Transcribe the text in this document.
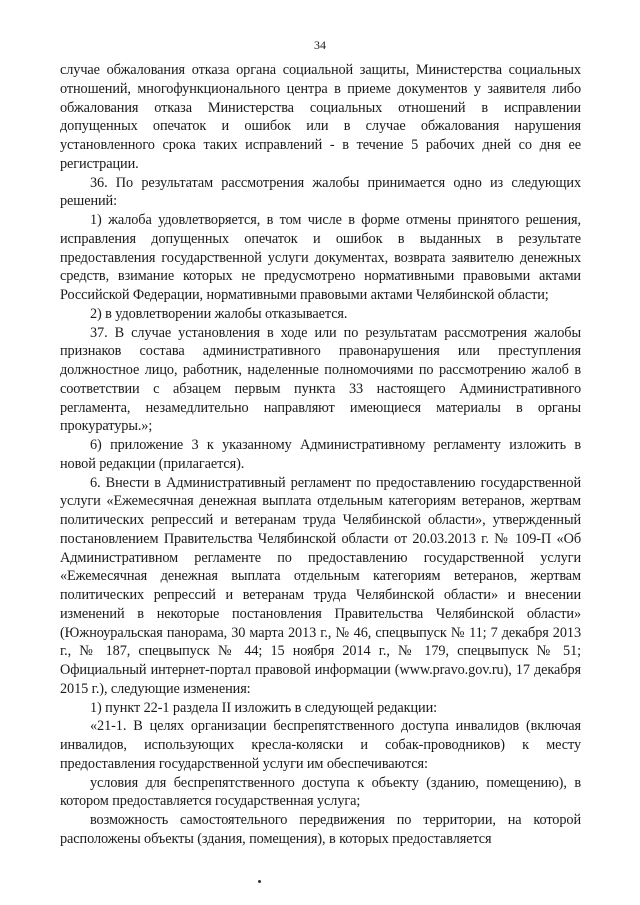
34

случае обжалования отказа органа социальной защиты, Министерства социальных отношений, многофункционального центра в приеме документов у заявителя либо обжалования отказа Министерства социальных отношений в исправлении допущенных опечаток и ошибок или в случае обжалования нарушения установленного срока таких исправлений - в течение 5 рабочих дней со дня ее регистрации.

36. По результатам рассмотрения жалобы принимается одно из следующих решений:

1) жалоба удовлетворяется, в том числе в форме отмены принятого решения, исправления допущенных опечаток и ошибок в выданных в результате предоставления государственной услуги документах, возврата заявителю денежных средств, взимание которых не предусмотрено нормативными правовыми актами Российской Федерации, нормативными правовыми актами Челябинской области;

2) в удовлетворении жалобы отказывается.

37. В случае установления в ходе или по результатам рассмотрения жалобы признаков состава административного правонарушения или преступления должностное лицо, работник, наделенные полномочиями по рассмотрению жалоб в соответствии с абзацем первым пункта 33 настоящего Административного регламента, незамедлительно направляют имеющиеся материалы в органы прокуратуры.»;

6) приложение 3 к указанному Административному регламенту изложить в новой редакции (прилагается).

6. Внести в Административный регламент по предоставлению государственной услуги «Ежемесячная денежная выплата отдельным категориям ветеранов, жертвам политических репрессий и ветеранам труда Челябинской области», утвержденный постановлением Правительства Челябинской области от 20.03.2013 г. № 109-П «Об Административном регламенте по предоставлению государственной услуги «Ежемесячная денежная выплата отдельным категориям ветеранов, жертвам политических репрессий и ветеранам труда Челябинской области» и внесении изменений в некоторые постановления Правительства Челябинской области» (Южноуральская панорама, 30 марта 2013 г., № 46, спецвыпуск № 11; 7 декабря 2013 г., № 187, спецвыпуск № 44; 15 ноября 2014 г., № 179, спецвыпуск № 51; Официальный интернет-портал правовой информации (www.pravo.gov.ru), 17 декабря 2015 г.), следующие изменения:

1) пункт 22-1 раздела II изложить в следующей редакции:

«21-1. В целях организации беспрепятственного доступа инвалидов (включая инвалидов, использующих кресла-коляски и собак-проводников) к месту предоставления государственной услуги им обеспечиваются:

условия для беспрепятственного доступа к объекту (зданию, помещению), в котором предоставляется государственная услуга;

возможность самостоятельного передвижения по территории, на которой расположены объекты (здания, помещения), в которых предоставляется
